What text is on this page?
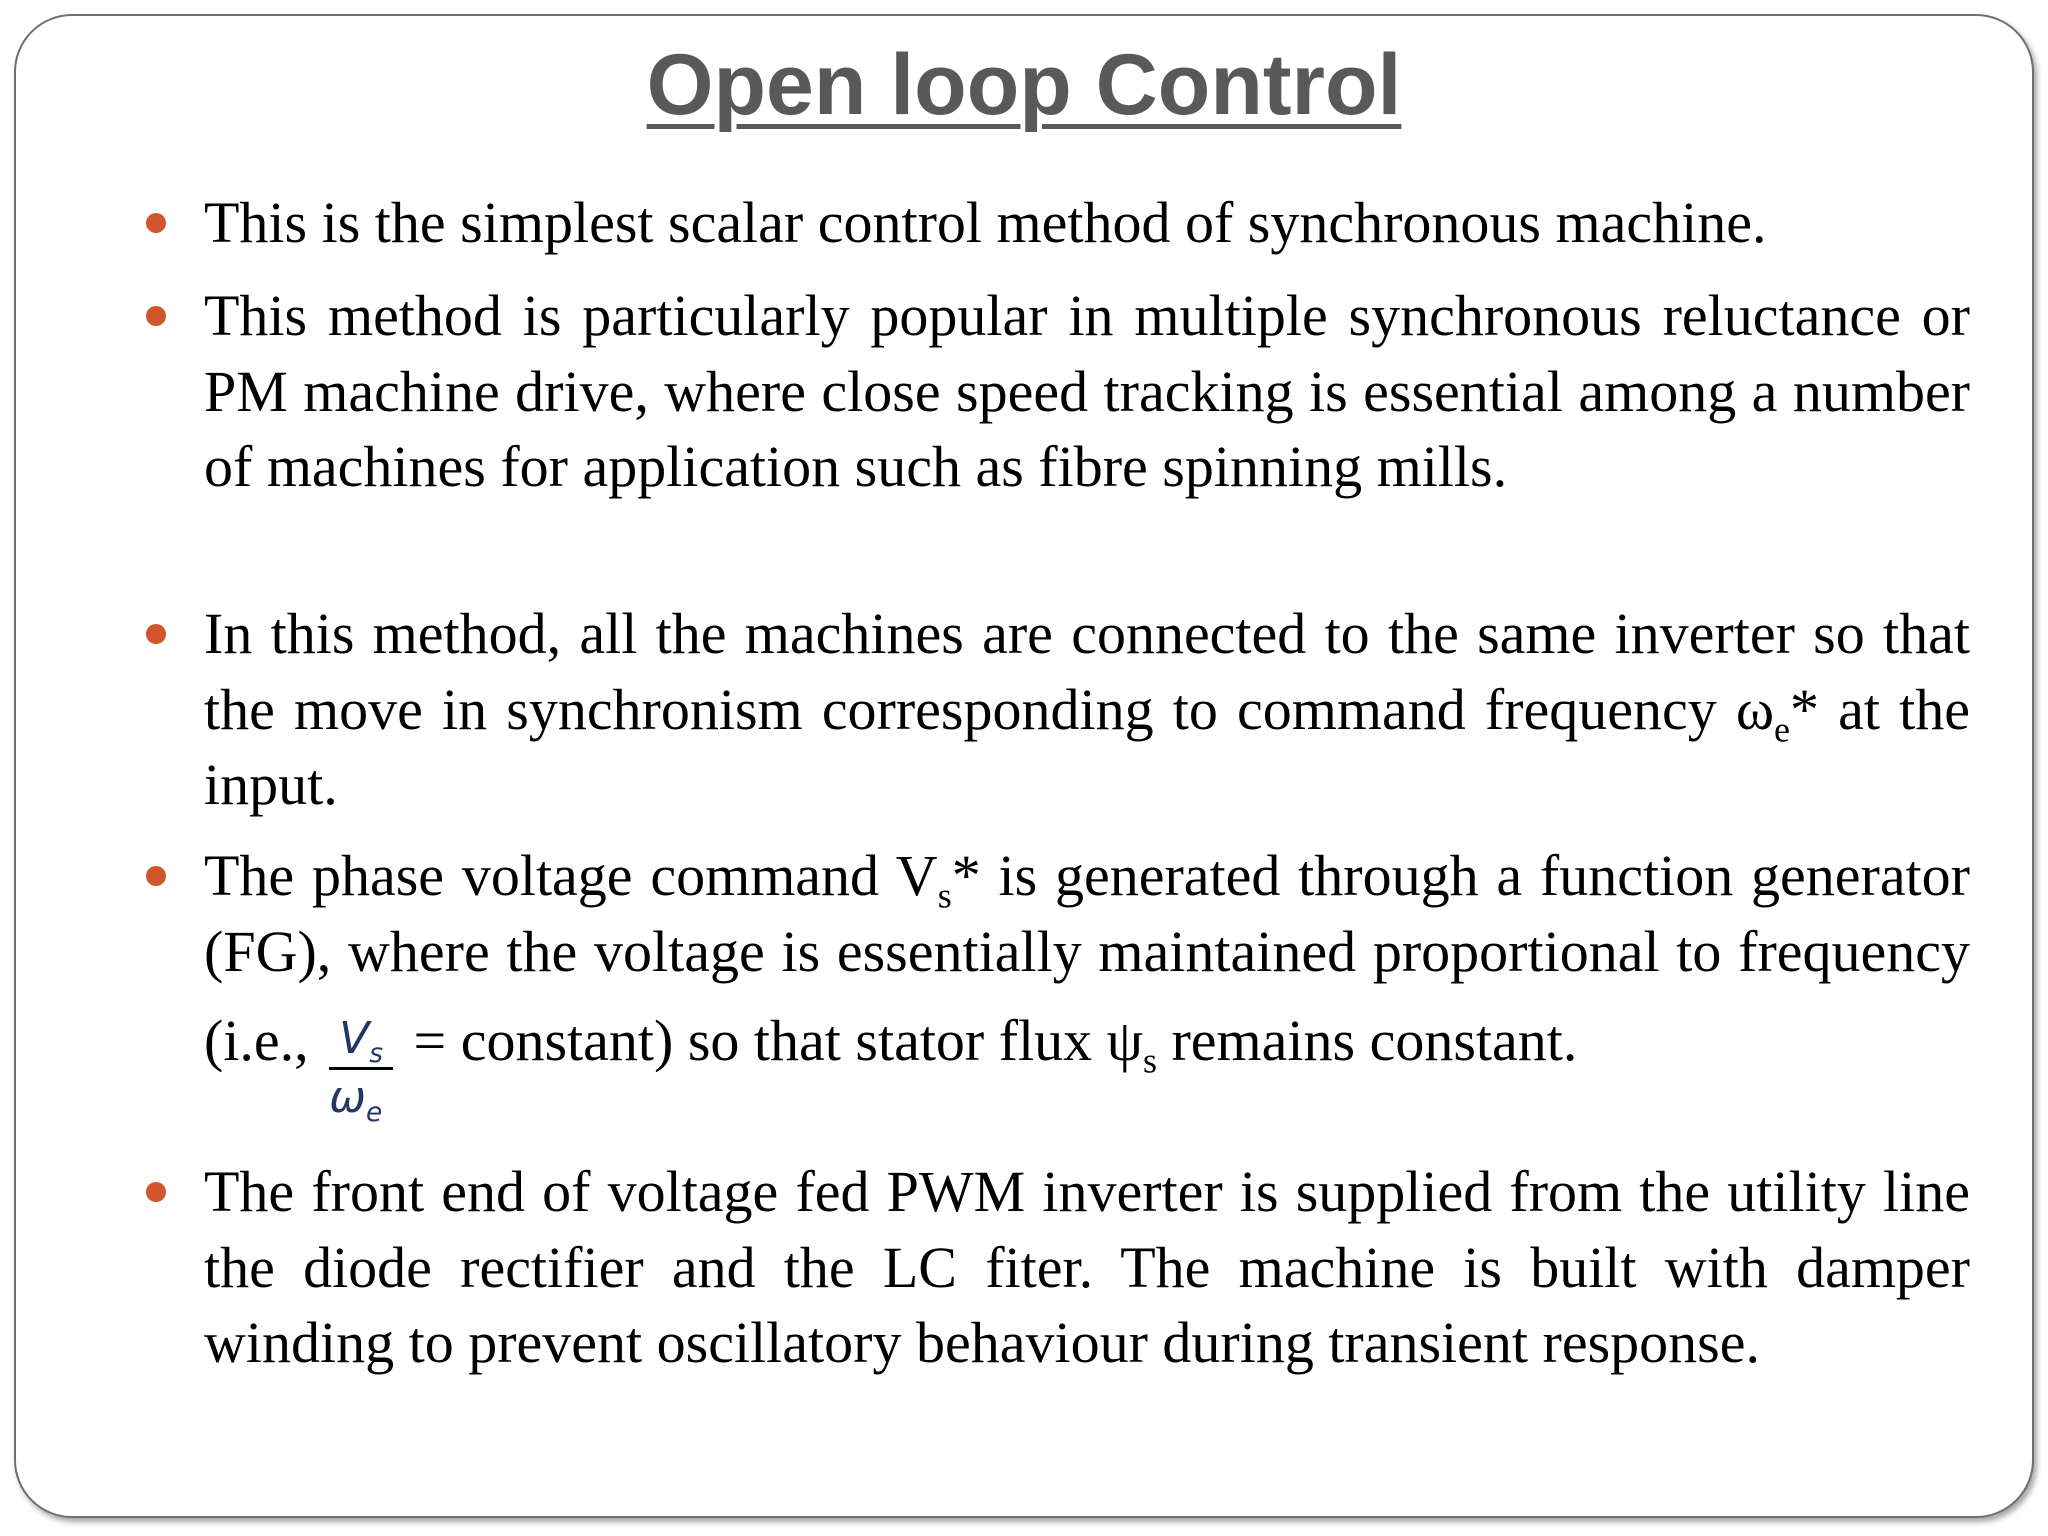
Open loop Control
This is the simplest scalar control method of synchronous machine.
This method is particularly popular in multiple synchronous reluctance or PM machine drive, where close speed tracking is essential among a number of machines for application such as fibre spinning mills.
In this method, all the machines are connected to the same inverter so that the move in synchronism corresponding to command frequency $\omega_e*$ at the input.
The phase voltage command $V_s*$ is generated through a function generator (FG), where the voltage is essentially maintained proportional to frequency (i.e., $\frac{V_s}{\omega_e}$ = constant) so that stator flux $\psi_s$ remains constant.
The front end of voltage fed PWM inverter is supplied from the utility line the diode rectifier and the LC fiter. The machine is built with damper winding to prevent oscillatory behaviour during transient response.
